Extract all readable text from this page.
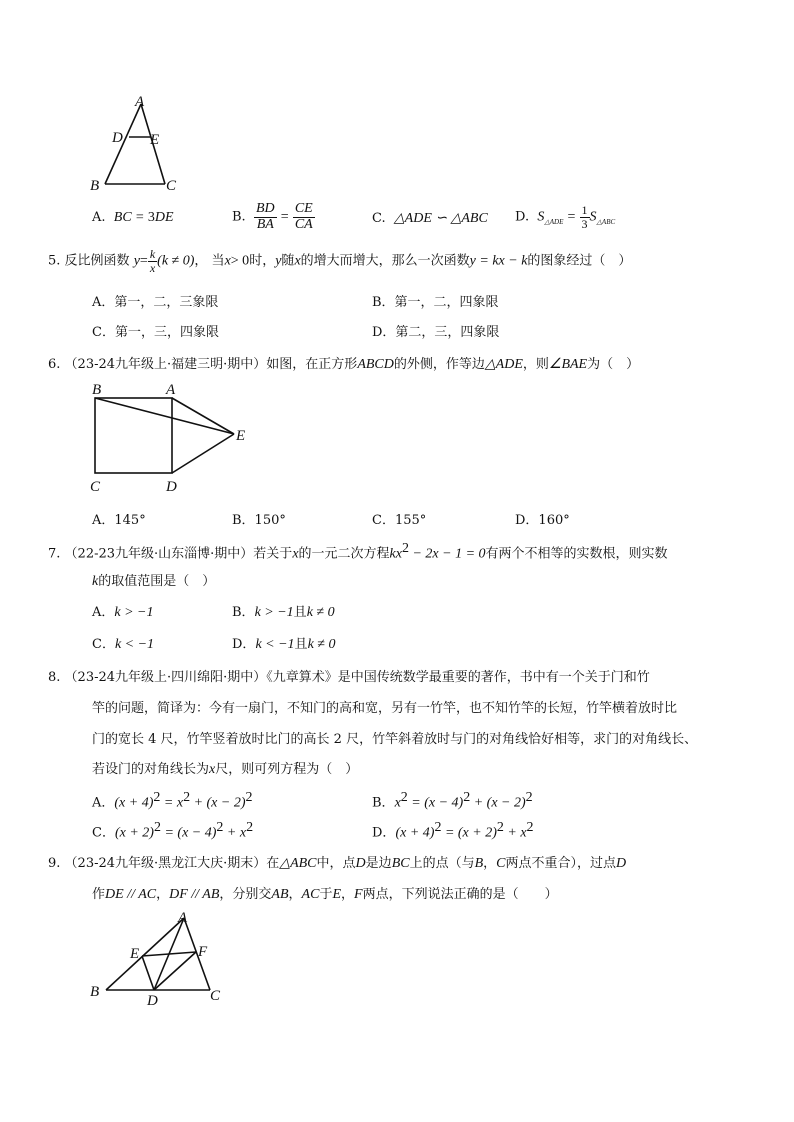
A
D E
B	C
A. BC = 3DE	B. $\frac{BD}{BA} = \frac{CE}{CA}$	C. △ADE ∽ △ABC D. $S_{\triangle ADE} = \frac{1}{3} S_{\triangle ABC}$
5. 反比例函数 $y= \frac{k}{x} (k \ne 0)$， 当x> 0时，y随x的增大而增大，那么一次函数y = kx − k的图象经过（　）
A．第一，二，三象限	B．第一，二，四象限
C．第一，三，四象限	D．第二，三，四象限
6. （23-24九年级上·福建三明·期中）如图，在正方形ABCD的外侧，作等边△ADE，则∠BAE为（　）
B	A
E
C	D
A．145°	B．150°	C．155°	D．160°
7. （22-23九年级·山东淄博·期中）若关于x的一元二次方程$kx^2 - 2x - 1 = 0$有两个不相等的实数根，则实数
k的取值范围是（　）
A．k > −1	B．k > −1且k ≠ 0
C．k < −1	D．k < −1且k ≠ 0
8. （23-24九年级上·四川绵阳·期中）《九章算术》是中国传统数学最重要的著作，书中有一个关于门和竹
竿的问题，简译为：今有一扇门，不知门的高和宽，另有一竹竿，也不知竹竿的长短，竹竿横着放时比
门的宽长 4 尺，竹竿竖着放时比门的高长 2 尺，竹竿斜着放时与门的对角线恰好相等，求门的对角线长、
若设门的对角线长为x尺，则可列方程为（　）
A．$(x + 4)^2 = x^2 + (x - 2)^2$	B．$x^2 = (x - 4)^2 + (x - 2)^2$
C．$(x + 2)^2 = (x - 4)^2 + x^2$	D．$(x + 4)^2 = (x + 2)^2 + x^2$
9. （23-24九年级·黑龙江大庆·期末）在△ABC中，点D是边BC上的点（与B，C两点不重合），过点D
作DE // AC，DF // AB，分别交AB，AC于E，F两点，下列说法正确的是（　　）
A
E	F
B
D	C
